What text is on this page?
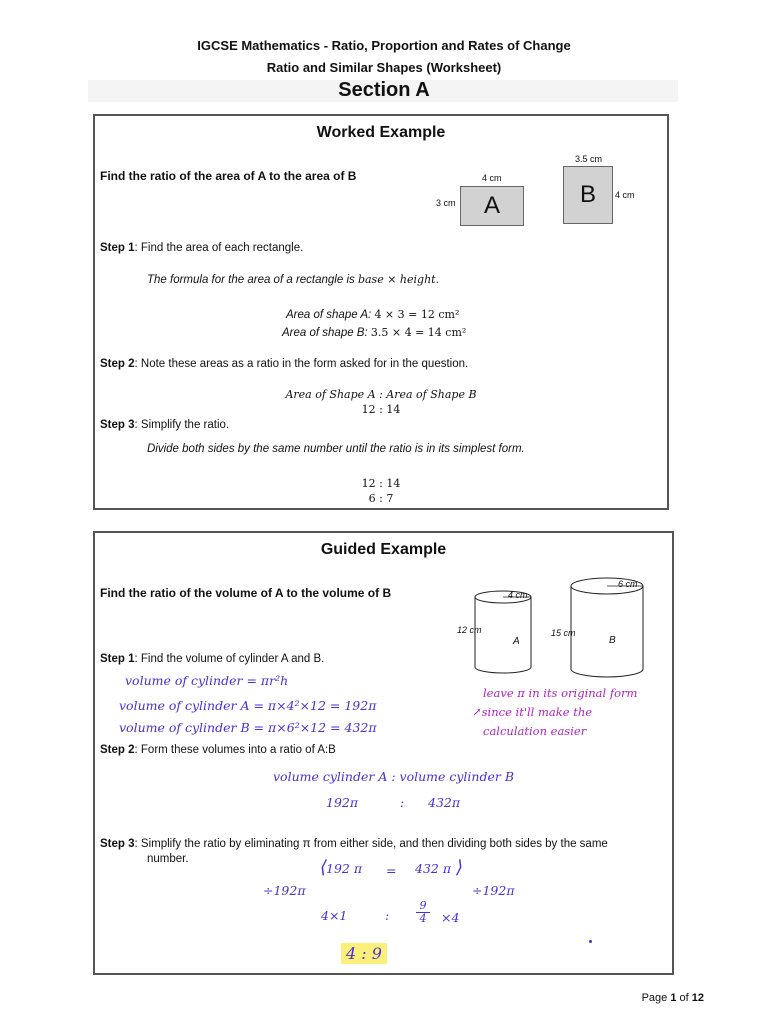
IGCSE Mathematics - Ratio, Proportion and Rates of Change
Ratio and Similar Shapes (Worksheet)
Section A
Worked Example
Find the ratio of the area of A to the area of B	4 cm
3 cm	A
3.5 cm
B	4 cm
Step 1: Find the area of each rectangle.
The formula for the area of a rectangle is base × height.
Area of shape A: 4 × 3 = 12 cm²
Area of shape B: 3.5 × 4 = 14 cm²
Step 2: Note these areas as a ratio in the form asked for in the question.
Area of Shape A : Area of Shape B
12 : 14
Step 3: Simplify the ratio.
Divide both sides by the same number until the ratio is in its simplest form.
12 : 14
6 : 7
Guided Example
Find the ratio of the volume of A to the volume of B	4 cm
12 cm
A
6 cm
15 cm
B
Step 1: Find the volume of cylinder A and B.
volume of cylinder = πr²h
volume of cylinder A = π×4²×12 = 192π
volume of cylinder B = π×6²×12 = 432π
leave π in its original form
↗since it'll make the
calculation easier
Step 2: Form these volumes into a ratio of A:B
volume cylinder A : volume cylinder B
192π	: 432π
Step 3: Simplify the ratio by eliminating π from either side, and then dividing both sides by the same
number.
÷192π
⟨
192 π = 432 π ⟩
÷192π
4×1	:
9
4 ×4
4 : 9
Page 1 of 12
